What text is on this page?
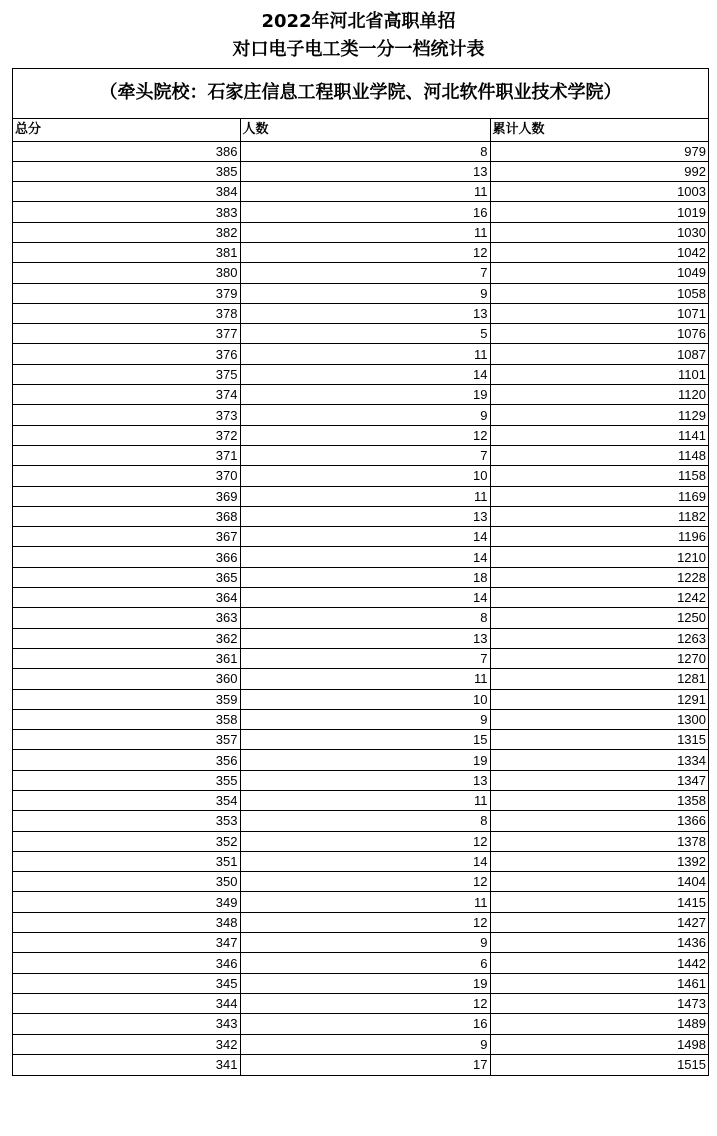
2022年河北省高职单招
对口电子电工类一分一档统计表
（牵头院校：石家庄信息工程职业学院、河北软件职业技术学院）
总分	人数	累计人数
386	8	979
385	13	992
384	11	1003
383	16	1019
382	11	1030
381	12	1042
380	7	1049
379	9	1058
378	13	1071
377	5	1076
376	11	1087
375	14	1101
374	19	1120
373	9	1129
372	12	1141
371	7	1148
370	10	1158
369	11	1169
368	13	1182
367	14	1196
366	14	1210
365	18	1228
364	14	1242
363	8	1250
362	13	1263
361	7	1270
360	11	1281
359	10	1291
358	9	1300
357	15	1315
356	19	1334
355	13	1347
354	11	1358
353	8	1366
352	12	1378
351	14	1392
350	12	1404
349	11	1415
348	12	1427
347	9	1436
346	6	1442
345	19	1461
344	12	1473
343	16	1489
342	9	1498
341	17	1515
